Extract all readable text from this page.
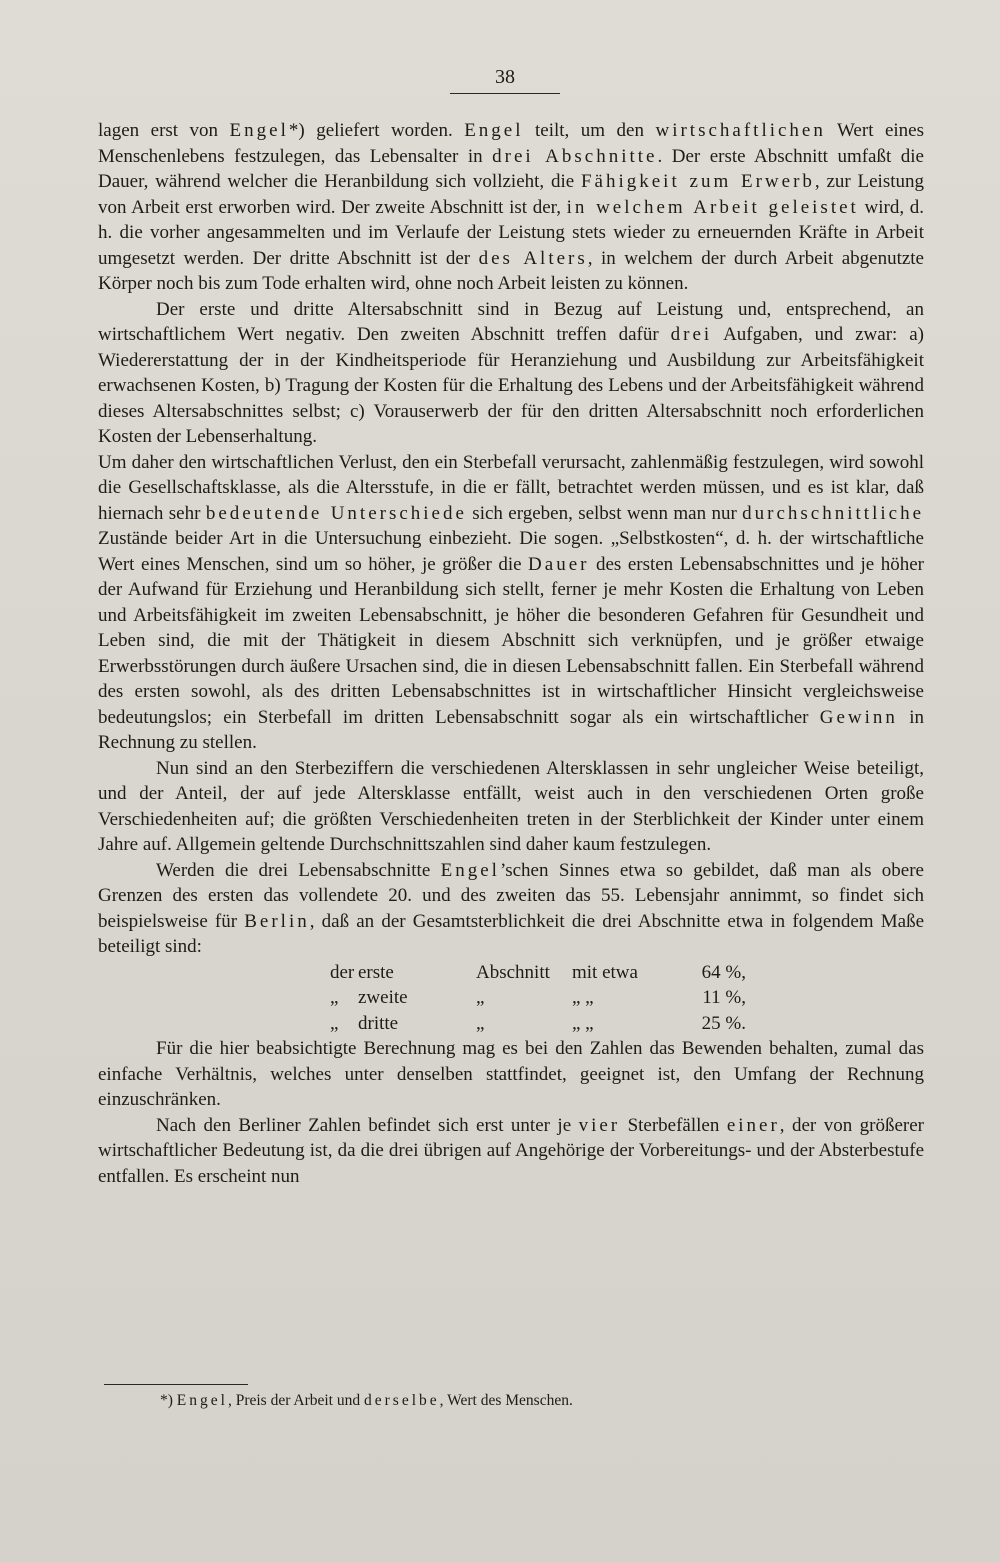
38

lagen erst von Engel*) geliefert worden. Engel teilt, um den wirtschaftlichen Wert eines Menschenlebens festzulegen, das Lebensalter in drei Abschnitte. Der erste Abschnitt umfaßt die Dauer, während welcher die Heranbildung sich vollzieht, die Fähigkeit zum Erwerb, zur Leistung von Arbeit erst erworben wird. Der zweite Abschnitt ist der, in welchem Arbeit geleistet wird, d. h. die vorher angesammelten und im Verlaufe der Leistung stets wieder zu erneuernden Kräfte in Arbeit umgesetzt werden. Der dritte Abschnitt ist der des Alters, in welchem der durch Arbeit abgenutzte Körper noch bis zum Tode erhalten wird, ohne noch Arbeit leisten zu können.

Der erste und dritte Altersabschnitt sind in Bezug auf Leistung und, entsprechend, an wirtschaftlichem Wert negativ. Den zweiten Abschnitt treffen dafür drei Aufgaben, und zwar: a) Wiedererstattung der in der Kindheitsperiode für Heranziehung und Ausbildung zur Arbeitsfähigkeit erwachsenen Kosten, b) Tragung der Kosten für die Erhaltung des Lebens und der Arbeitsfähigkeit während dieses Altersabschnittes selbst; c) Vorauserwerb der für den dritten Altersabschnitt noch erforderlichen Kosten der Lebenserhaltung.

Um daher den wirtschaftlichen Verlust, den ein Sterbefall verursacht, zahlenmäßig festzulegen, wird sowohl die Gesellschaftsklasse, als die Altersstufe, in die er fällt, betrachtet werden müssen, und es ist klar, daß hiernach sehr bedeutende Unterschiede sich ergeben, selbst wenn man nur durchschnittliche Zustände beider Art in die Untersuchung einbezieht. Die sogen. „Selbstkosten“, d. h. der wirtschaftliche Wert eines Menschen, sind um so höher, je größer die Dauer des ersten Lebensabschnittes und je höher der Aufwand für Erziehung und Heranbildung sich stellt, ferner je mehr Kosten die Erhaltung von Leben und Arbeitsfähigkeit im zweiten Lebensabschnitt, je höher die besonderen Gefahren für Gesundheit und Leben sind, die mit der Thätigkeit in diesem Abschnitt sich verknüpfen, und je größer etwaige Erwerbsstörungen durch äußere Ursachen sind, die in diesen Lebensabschnitt fallen. Ein Sterbefall während des ersten sowohl, als des dritten Lebensabschnittes ist in wirtschaftlicher Hinsicht vergleichsweise bedeutungslos; ein Sterbefall im dritten Lebensabschnitt sogar als ein wirtschaftlicher Gewinn in Rechnung zu stellen.

Nun sind an den Sterbeziffern die verschiedenen Altersklassen in sehr ungleicher Weise beteiligt, und der Anteil, der auf jede Altersklasse entfällt, weist auch in den verschiedenen Orten große Verschiedenheiten auf; die größten Verschiedenheiten treten in der Sterblichkeit der Kinder unter einem Jahre auf. Allgemein geltende Durchschnittszahlen sind daher kaum festzulegen.

Werden die drei Lebensabschnitte Engel’schen Sinnes etwa so gebildet, daß man als obere Grenzen des ersten das vollendete 20. und des zweiten das 55. Lebensjahr annimmt, so findet sich beispielsweise für Berlin, daß an der Gesamtsterblichkeit die drei Abschnitte etwa in folgendem Maße beteiligt sind:

der erste	Abschnitt	mit etwa	64 %,
„	zweite	„	„ „	11 %,
„	dritte	„	„ „	25 %.

Für die hier beabsichtigte Berechnung mag es bei den Zahlen das Bewenden behalten, zumal das einfache Verhältnis, welches unter denselben stattfindet, geeignet ist, den Umfang der Rechnung einzuschränken.

Nach den Berliner Zahlen befindet sich erst unter je vier Sterbefällen einer, der von größerer wirtschaftlicher Bedeutung ist, da die drei übrigen auf Angehörige der Vorbereitungs- und der Absterbestufe entfallen. Es erscheint nun

*) Engel, Preis der Arbeit und derselbe, Wert des Menschen.
